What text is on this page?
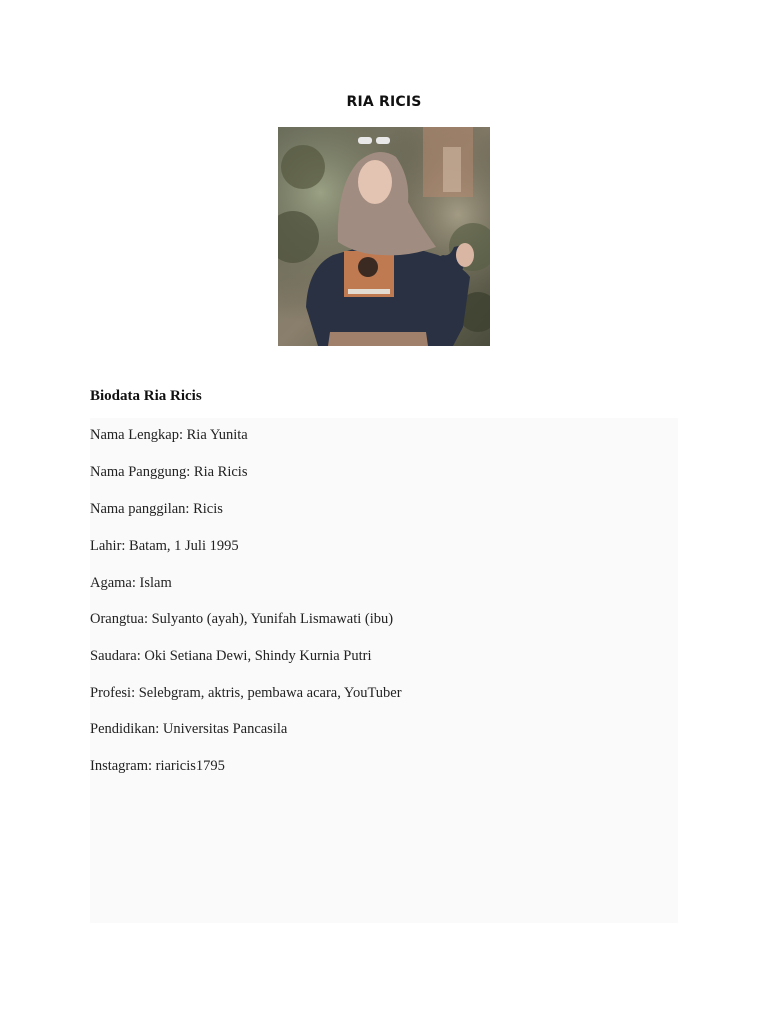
RIA RICIS
Biodata Ria Ricis
Nama Lengkap: Ria Yunita
Nama Panggung: Ria Ricis
Nama panggilan: Ricis
Lahir: Batam, 1 Juli 1995
Agama: Islam
Orangtua: Sulyanto (ayah), Yunifah Lismawati (ibu)
Saudara: Oki Setiana Dewi, Shindy Kurnia Putri
Profesi: Selebgram, aktris, pembawa acara, YouTuber
Pendidikan: Universitas Pancasila
Instagram: riaricis1795
